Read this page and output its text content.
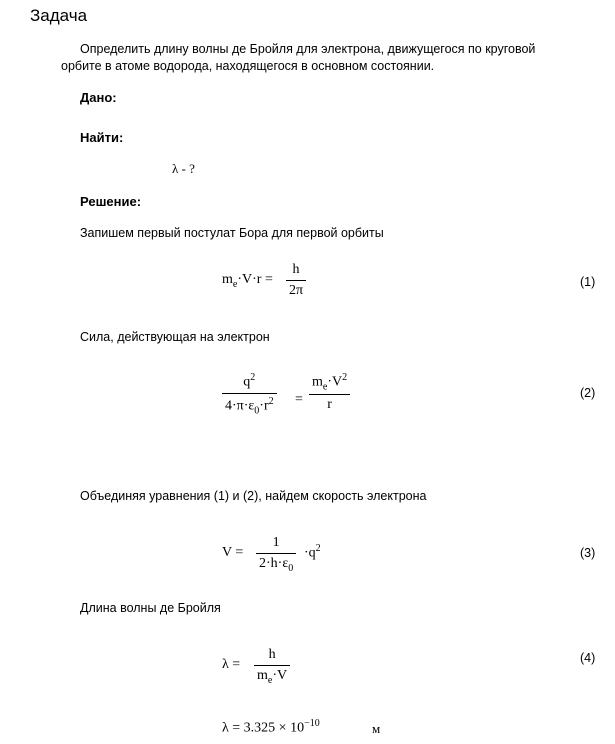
Задача
Определить длину волны де Бройля для электрона, движущегося по круговой
орбите в атоме водорода, находящегося в основном состоянии.
Дано:
Найти:
λ - ?
Решение:
Запишем первый постулат Бора для первой орбиты
$m_e\cdot V\cdot r$ =
h
2π
(1)
Сила, действующая на электрон
$q^2$
$4\cdot\pi\cdot\varepsilon_0\cdot r^2$ =
$m_e\cdot V^2$
r
(2)
Объединяя уравнения (1) и (2), найдем скорость электрона
V =
1
$2\cdot h\cdot\varepsilon_0$
$\cdot q^2$	(3)
Длина волны де Бройля
λ =
h
$m_e\cdot V$
(4)
$\lambda = 3.325 \times 10^{-10}$	м
